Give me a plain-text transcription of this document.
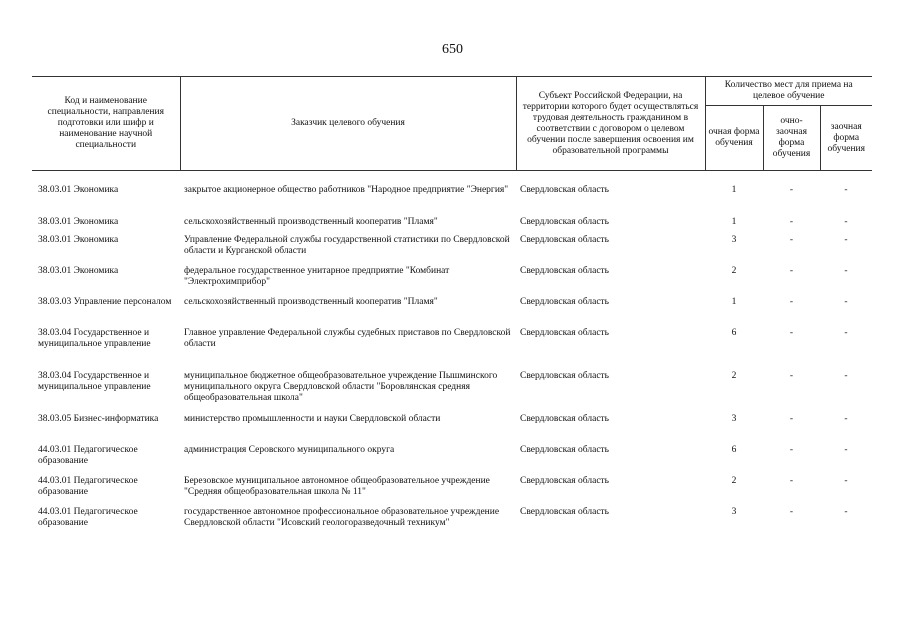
650
Код и наименование специальности, направления подготовки или шифр и наименование научной специальности	Заказчик целевого обучения	Субъект Российской Федерации, на территории которого будет осуществляться трудовая деятельность гражданином в соответствии с договором о целевом обучении после завершения освоения им образовательной программы	Количество мест для приема на целевое обучение		
			очная форма обучения	очно-заочная форма обучения	заочная форма обучения
38.03.01 Экономика	закрытое акционерное общество работников "Народное предприятие "Энергия"	Свердловская область	1	-	-
38.03.01 Экономика	сельскохозяйственный производственный кооператив "Пламя"	Свердловская область	1	-	-
38.03.01 Экономика	Управление Федеральной службы государственной статистики по Свердловской области и Курганской области	Свердловская область	3	-	-
38.03.01 Экономика	федеральное государственное унитарное предприятие "Комбинат "Электрохимприбор"	Свердловская область	2	-	-
38.03.03 Управление персоналом	сельскохозяйственный производственный кооператив "Пламя"	Свердловская область	1	-	-
38.03.04 Государственное и муниципальное управление	Главное управление Федеральной службы судебных приставов по Свердловской области	Свердловская область	6	-	-
38.03.04 Государственное и муниципальное управление	муниципальное бюджетное общеобразовательное учреждение Пышминского муниципального округа Свердловской области "Боровлянская средняя общеобразовательная школа"	Свердловская область	2	-	-
38.03.05 Бизнес-информатика	министерство промышленности и науки Свердловской области	Свердловская область	3	-	-
44.03.01 Педагогическое образование	администрация Серовского муниципального округа	Свердловская область	6	-	-
44.03.01 Педагогическое образование	Березовское муниципальное автономное общеобразовательное учреждение "Средняя общеобразовательная школа № 11"	Свердловская область	2	-	-
44.03.01 Педагогическое образование	государственное автономное профессиональное образовательное учреждение Свердловской области "Исовский геологоразведочный техникум"	Свердловская область	3	-	-
